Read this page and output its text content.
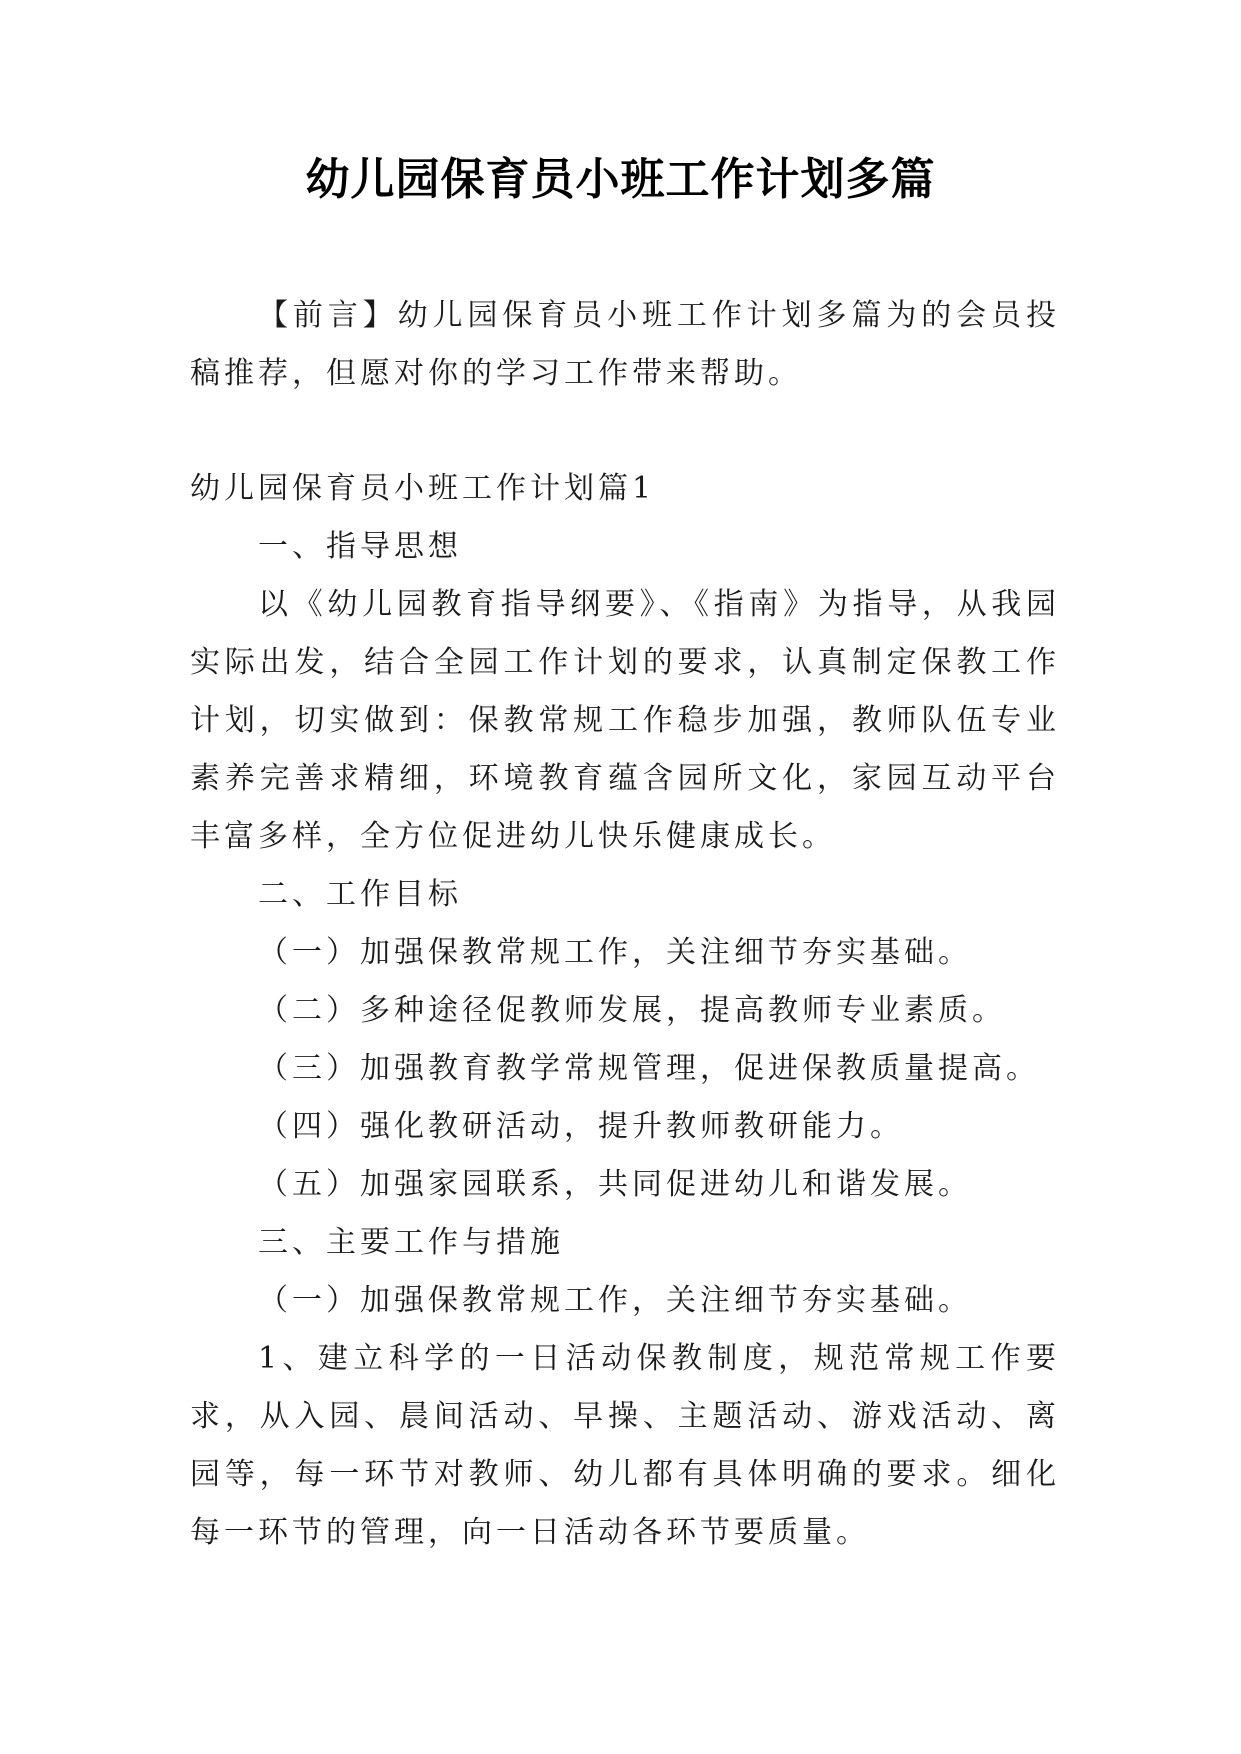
幼儿园保育员小班工作计划多篇
【前言】幼儿园保育员小班工作计划多篇为的会员投稿推荐，但愿对你的学习工作带来帮助。

幼儿园保育员小班工作计划篇1

一、指导思想

以《幼儿园教育指导纲要》、《指南》为指导，从我园实际出发，结合全园工作计划的要求，认真制定保教工作计划，切实做到：保教常规工作稳步加强，教师队伍专业素养完善求精细，环境教育蕴含园所文化，家园互动平台丰富多样，全方位促进幼儿快乐健康成长。

二、工作目标

（一）加强保教常规工作，关注细节夯实基础。

（二）多种途径促教师发展，提高教师专业素质。

（三）加强教育教学常规管理，促进保教质量提高。

（四）强化教研活动，提升教师教研能力。

（五）加强家园联系，共同促进幼儿和谐发展。

三、主要工作与措施

（一）加强保教常规工作，关注细节夯实基础。

1、建立科学的一日活动保教制度，规范常规工作要求，从入园、晨间活动、早操、主题活动、游戏活动、离园等，每一环节对教师、幼儿都有具体明确的要求。细化每一环节的管理，向一日活动各环节要质量。
